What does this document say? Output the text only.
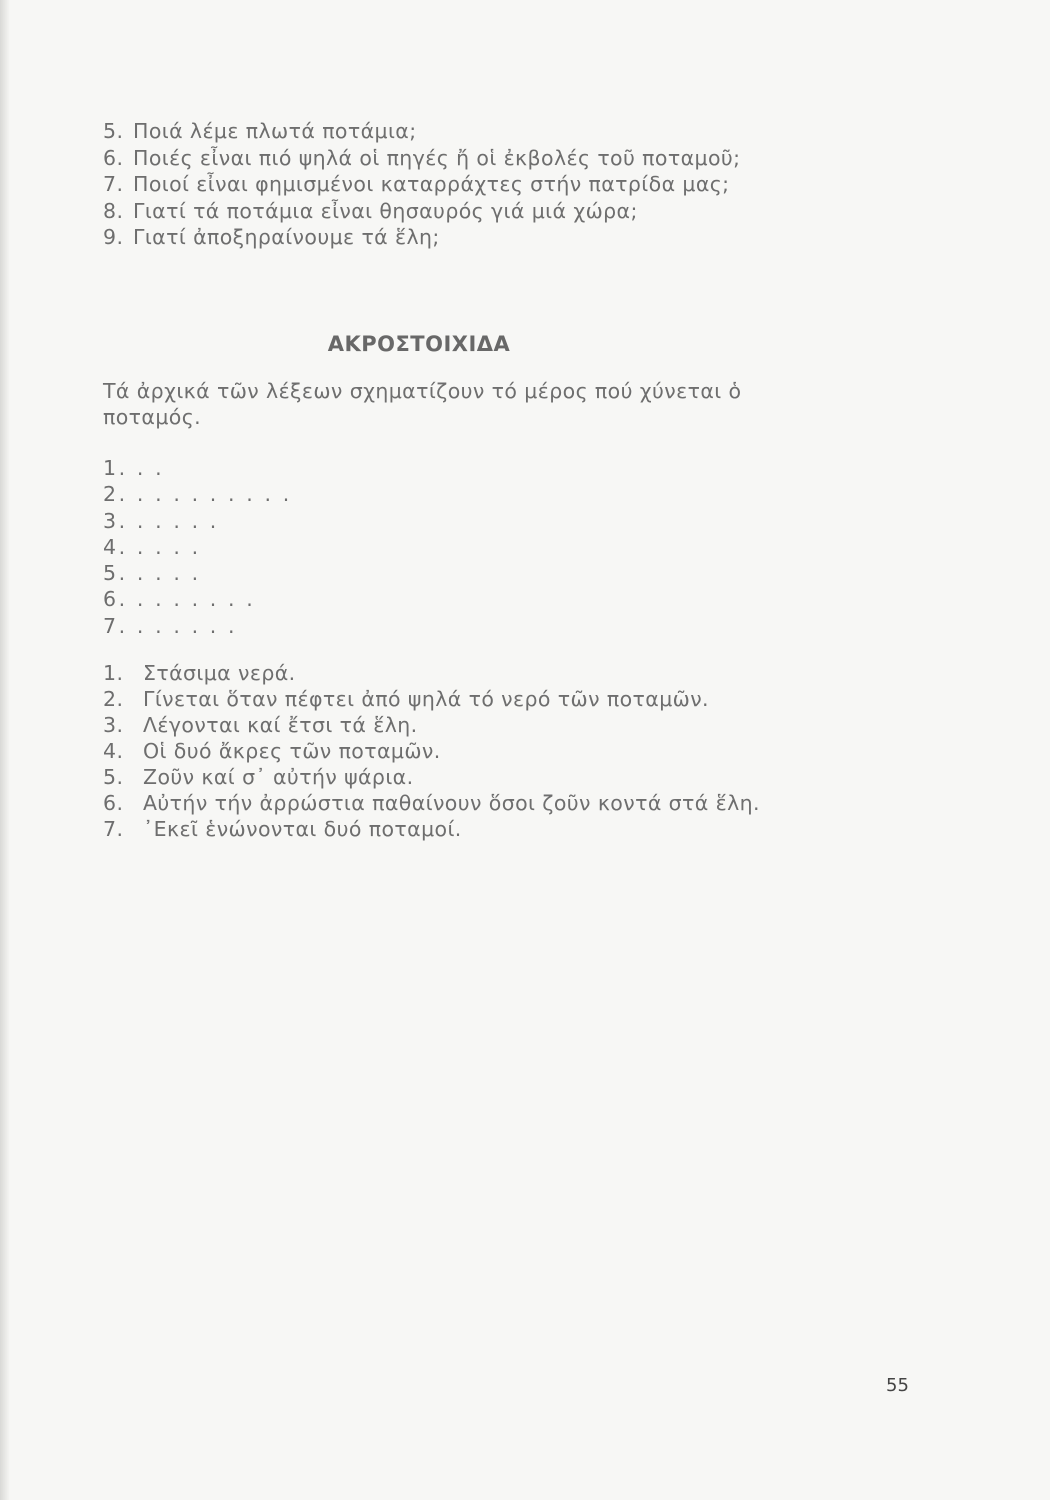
5. Ποιά λέμε πλωτά ποτάμια;
6. Ποιές εἶναι πιό ψηλά οἱ πηγές ἤ οἱ ἐκβολές τοῦ ποταμοῦ;
7. Ποιοί εἶναι φημισμένοι καταρράχτες στήν πατρίδα μας;
8. Γιατί τά ποτάμια εἶναι θησαυρός γιά μιά χώρα;
9. Γιατί ἀποξηραίνουμε τά ἕλη;
ΑΚΡΟΣΤΟΙΧΙΔΑ

Τά ἀρχικά τῶν λέξεων σχηματίζουν τό μέρος πού χύνεται ὁ ποταμός.

1. . .
2. . . . . . . . . .
3. . . . . .
4. . . . .
5. . . . .
6. . . . . . . .
7. . . . . . .
1. Στάσιμα νερά.
2. Γίνεται ὅταν πέφτει ἀπό ψηλά τό νερό τῶν ποταμῶν.
3. Λέγονται καί ἔτσι τά ἕλη.
4. Οἱ δυό ἄκρες τῶν ποταμῶν.
5. Ζοῦν καί σ᾽ αὐτήν ψάρια.
6. Αὐτήν τήν ἀρρώστια παθαίνουν ὅσοι ζοῦν κοντά στά ἕλη.
7. ᾽Εκεῖ ἑνώνονται δυό ποταμοί.
55
